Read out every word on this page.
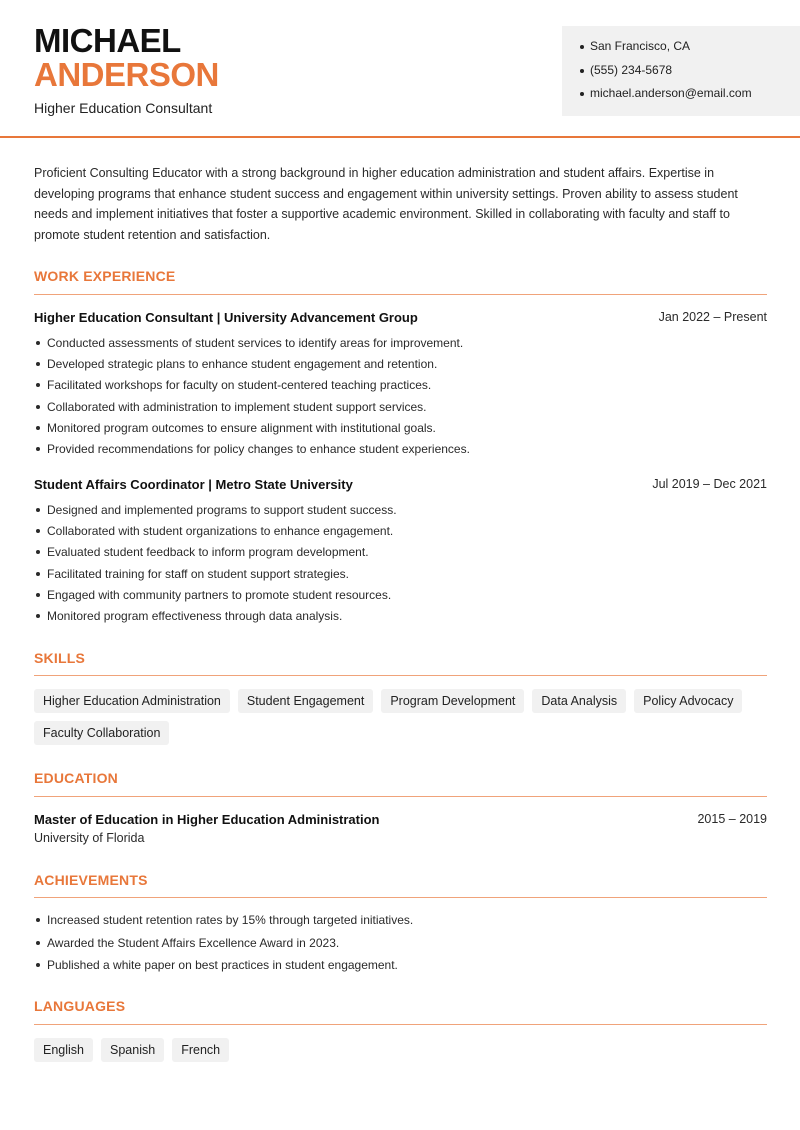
MICHAEL
ANDERSON
Higher Education Consultant
San Francisco, CA
(555) 234-5678
michael.anderson@email.com
Proficient Consulting Educator with a strong background in higher education administration and student affairs. Expertise in developing programs that enhance student success and engagement within university settings. Proven ability to assess student needs and implement initiatives that foster a supportive academic environment. Skilled in collaborating with faculty and staff to promote student retention and satisfaction.
WORK EXPERIENCE
Higher Education Consultant | University Advancement Group	Jan 2022 – Present
Conducted assessments of student services to identify areas for improvement.
Developed strategic plans to enhance student engagement and retention.
Facilitated workshops for faculty on student-centered teaching practices.
Collaborated with administration to implement student support services.
Monitored program outcomes to ensure alignment with institutional goals.
Provided recommendations for policy changes to enhance student experiences.
Student Affairs Coordinator | Metro State University	Jul 2019 – Dec 2021
Designed and implemented programs to support student success.
Collaborated with student organizations to enhance engagement.
Evaluated student feedback to inform program development.
Facilitated training for staff on student support strategies.
Engaged with community partners to promote student resources.
Monitored program effectiveness through data analysis.
SKILLS
Higher Education Administration	Student Engagement	Program Development	Data Analysis	Policy Advocacy
Faculty Collaboration
EDUCATION
Master of Education in Higher Education Administration	2015 – 2019
University of Florida
ACHIEVEMENTS
Increased student retention rates by 15% through targeted initiatives.
Awarded the Student Affairs Excellence Award in 2023.
Published a white paper on best practices in student engagement.
LANGUAGES
English	Spanish	French
